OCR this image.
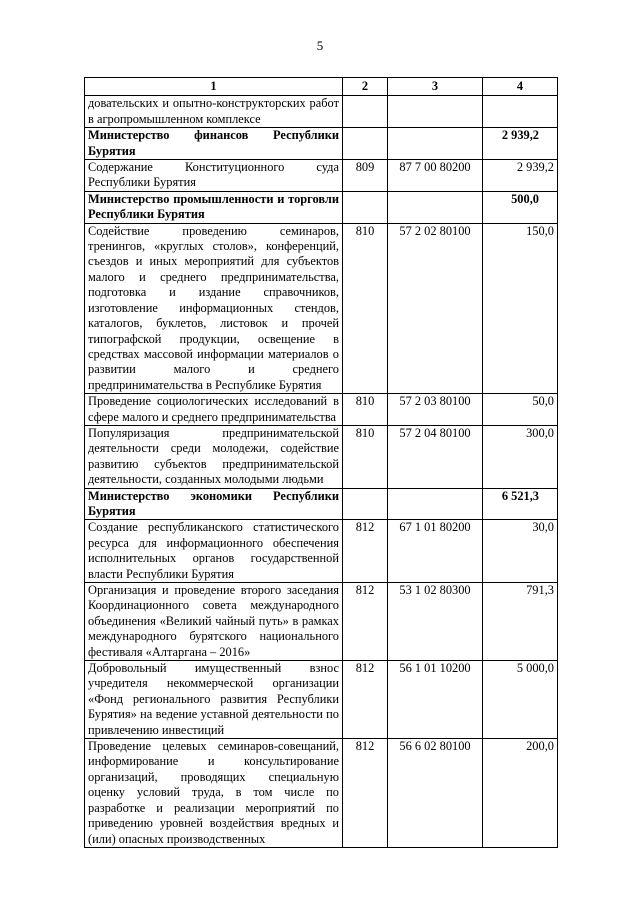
5
1	2	3	4
довательских и опытно-конструкторских работ в агропромышленном комплексе			
Министерство финансов Республики Бурятия			2 939,2
Содержание Конституционного суда Республики Бурятия	809	87 7 00 80200	2 939,2
Министерство промышленности и торговли Республики Бурятия			500,0
Содействие проведению семинаров, тренингов, «круглых столов», конференций, съездов и иных мероприятий для субъектов малого и среднего предпринимательства, подготовка и издание справочников, изготовление информационных стендов, каталогов, буклетов, листовок и прочей типографской продукции, освещение в средствах массовой информации материалов о развитии малого и среднего предпринимательства в Республике Бурятия	810	57 2 02 80100	150,0
Проведение социологических исследований в сфере малого и среднего предпринимательства	810	57 2 03 80100	50,0
Популяризация предпринимательской деятельности среди молодежи, содействие развитию субъектов предпринимательской деятельности, созданных молодыми людьми	810	57 2 04 80100	300,0
Министерство экономики Республики Бурятия			6 521,3
Создание республиканского статистического ресурса для информационного обеспечения исполнительных органов государственной власти Республики Бурятия	812	67 1 01 80200	30,0
Организация и проведение второго заседания Координационного совета международного объединения «Великий чайный путь» в рамках международного бурятского национального фестиваля «Алтаргана – 2016»	812	53 1 02 80300	791,3
Добровольный имущественный взнос учредителя некоммерческой организации «Фонд регионального развития Республики Бурятия» на ведение уставной деятельности по привлечению инвестиций	812	56 1 01 10200	5 000,0
Проведение целевых семинаров-совещаний, информирование и консультирование организаций, проводящих специальную оценку условий труда, в том числе по разработке и реализации мероприятий по приведению уровней воздействия вредных и (или) опасных производственных	812	56 6 02 80100	200,0
